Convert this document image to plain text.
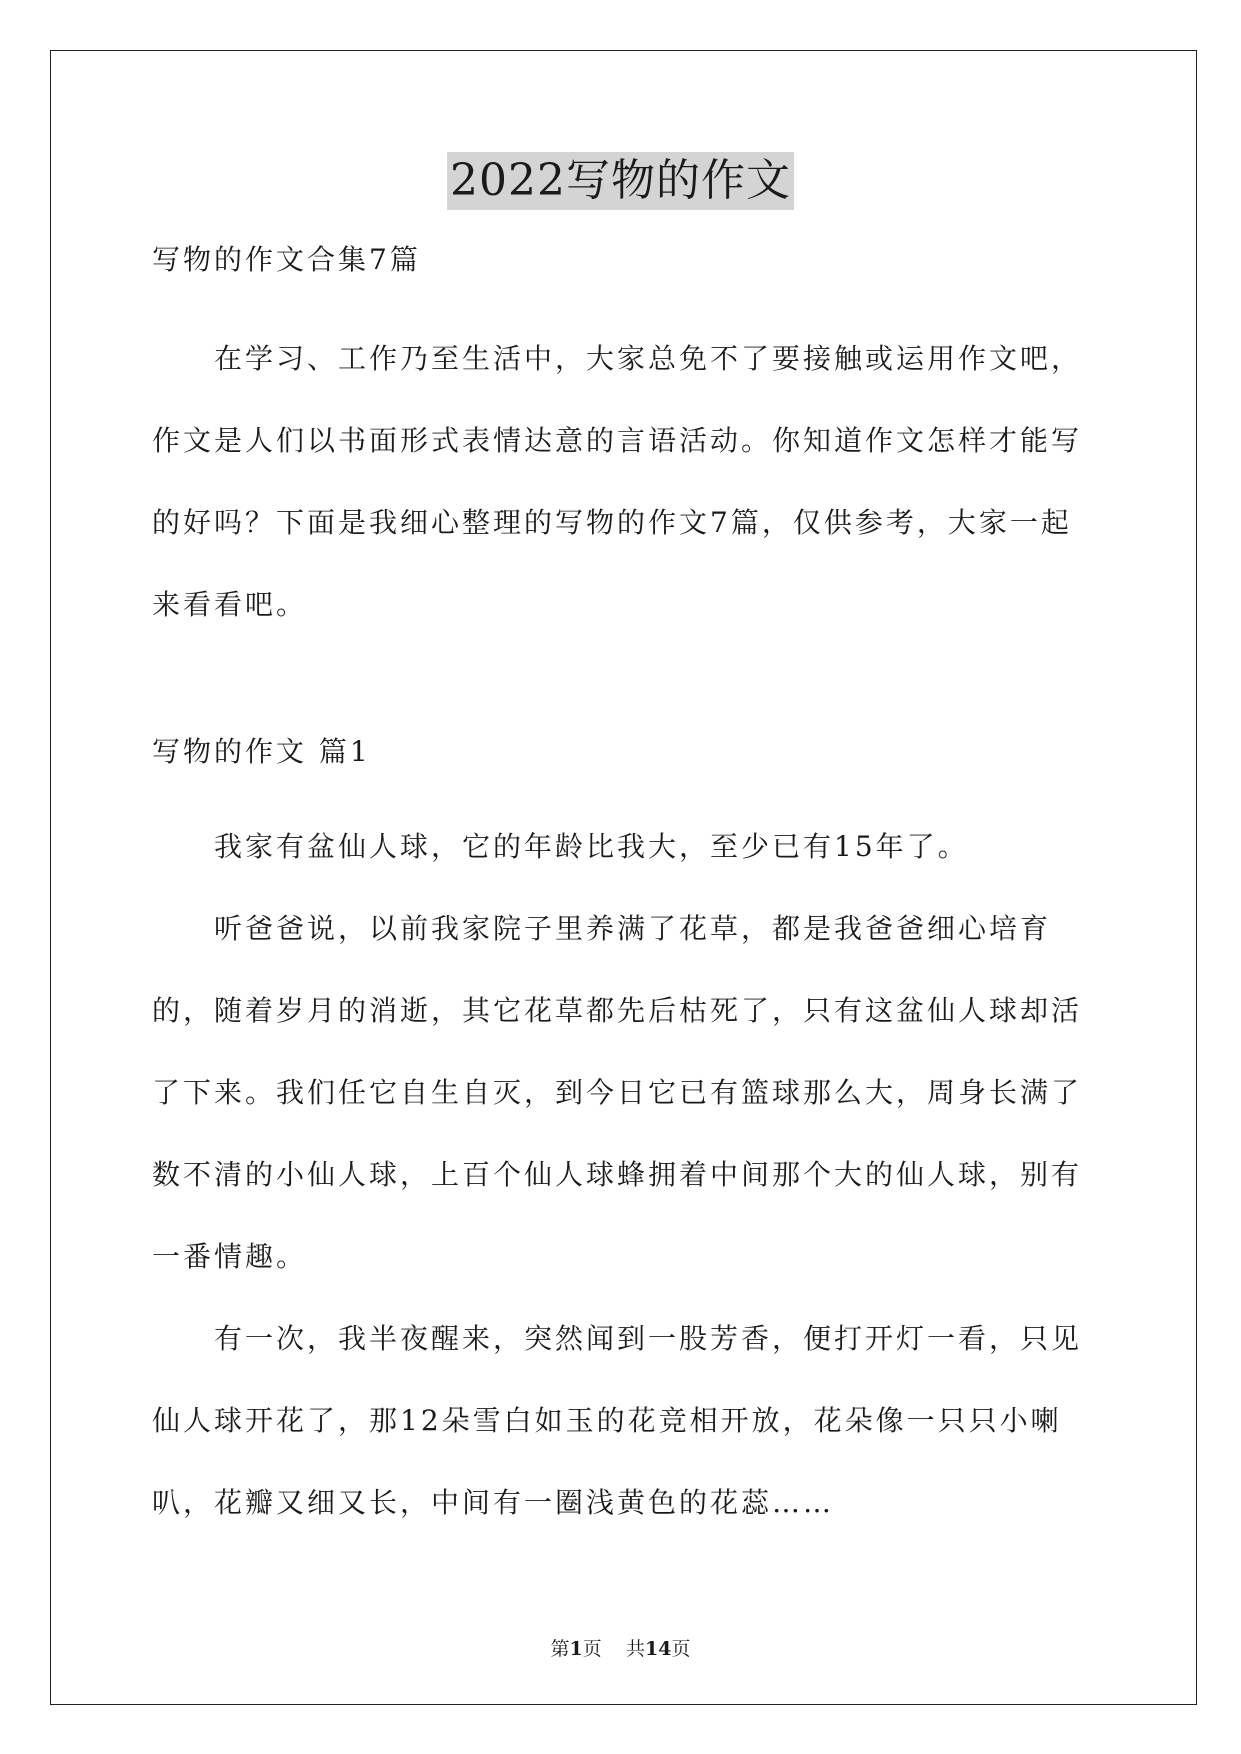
2022写物的作文

写物的作文合集7篇

在学习、工作乃至生活中，大家总免不了要接触或运用作文吧，作文是人们以书面形式表情达意的言语活动。你知道作文怎样才能写的好吗？下面是我细心整理的写物的作文7篇，仅供参考，大家一起来看看吧。

写物的作文 篇1

我家有盆仙人球，它的年龄比我大，至少已有15年了。

听爸爸说，以前我家院子里养满了花草，都是我爸爸细心培育的，随着岁月的消逝，其它花草都先后枯死了，只有这盆仙人球却活了下来。我们任它自生自灭，到今日它已有篮球那么大，周身长满了数不清的小仙人球，上百个仙人球蜂拥着中间那个大的仙人球，别有一番情趣。

有一次，我半夜醒来，突然闻到一股芳香，便打开灯一看，只见仙人球开花了，那12朵雪白如玉的花竞相开放，花朵像一只只小喇叭，花瓣又细又长，中间有一圈浅黄色的花蕊……

第1页 共14页
